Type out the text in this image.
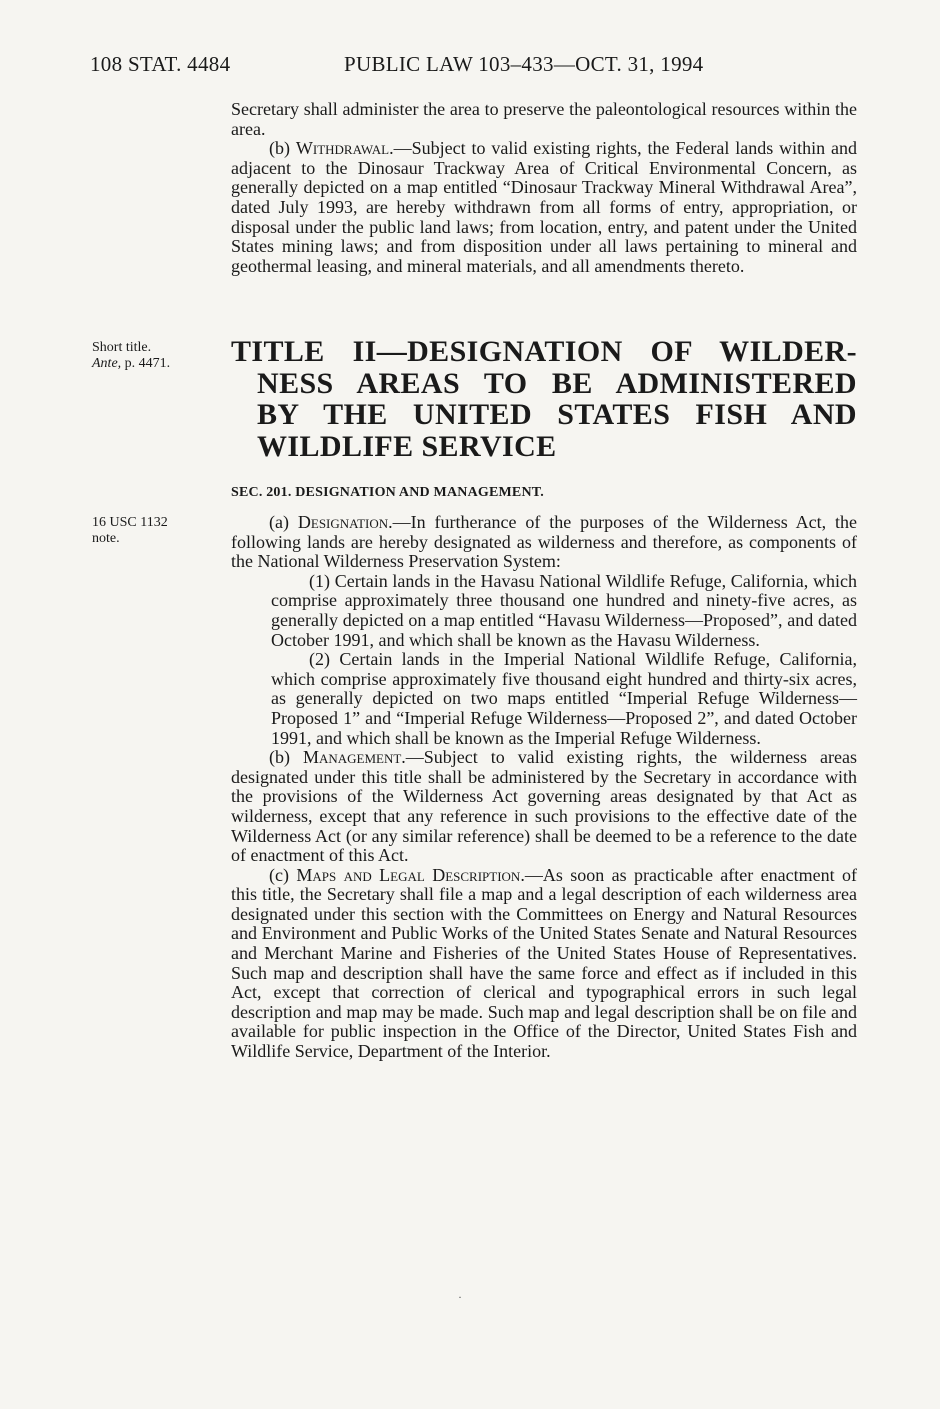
108 STAT. 4484	PUBLIC LAW 103–433—OCT. 31, 1994

Secretary shall administer the area to preserve the paleontological resources within the area.

(b) Withdrawal.—Subject to valid existing rights, the Federal lands within and adjacent to the Dinosaur Trackway Area of Critical Environmental Concern, as generally depicted on a map entitled “Dinosaur Trackway Mineral Withdrawal Area”, dated July 1993, are hereby withdrawn from all forms of entry, appropriation, or disposal under the public land laws; from location, entry, and patent under the United States mining laws; and from disposition under all laws pertaining to mineral and geothermal leasing, and mineral materials, and all amendments thereto.

Short title.
Ante, p. 4471. TITLE II—DESIGNATION OF WILDER-
NESS AREAS TO BE ADMINISTERED
BY THE UNITED STATES FISH AND
WILDLIFE SERVICE
SEC. 201. DESIGNATION AND MANAGEMENT.
16 USC 1132
note.

(a) Designation.—In furtherance of the purposes of the Wilderness Act, the following lands are hereby designated as wilderness and therefore, as components of the National Wilderness Preservation System:

(1) Certain lands in the Havasu National Wildlife Refuge, California, which comprise approximately three thousand one hundred and ninety-five acres, as generally depicted on a map entitled “Havasu Wilderness—Proposed”, and dated October 1991, and which shall be known as the Havasu Wilderness.

(2) Certain lands in the Imperial National Wildlife Refuge, California, which comprise approximately five thousand eight hundred and thirty-six acres, as generally depicted on two maps entitled “Imperial Refuge Wilderness—Proposed 1” and “Imperial Refuge Wilderness—Proposed 2”, and dated October 1991, and which shall be known as the Imperial Refuge Wilderness.

(b) Management.—Subject to valid existing rights, the wilderness areas designated under this title shall be administered by the Secretary in accordance with the provisions of the Wilderness Act governing areas designated by that Act as wilderness, except that any reference in such provisions to the effective date of the Wilderness Act (or any similar reference) shall be deemed to be a reference to the date of enactment of this Act.

(c) Maps and Legal Description.—As soon as practicable after enactment of this title, the Secretary shall file a map and a legal description of each wilderness area designated under this section with the Committees on Energy and Natural Resources and Environment and Public Works of the United States Senate and Natural Resources and Merchant Marine and Fisheries of the United States House of Representatives. Such map and description shall have the same force and effect as if included in this Act, except that correction of clerical and typographical errors in such legal description and map may be made. Such map and legal description shall be on file and available for public inspection in the Office of the Director, United States Fish and Wildlife Service, Department of the Interior.

·
